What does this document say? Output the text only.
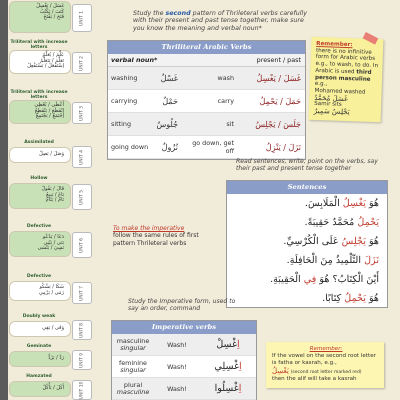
غَسَلَ / يَغْسِلُ
كَتَبَ / يَكْتُبُ
فَتَحَ / يَفْتَحُ	UNIT 1
Triliteral with increase letters
عَلَّمَ / يُعَلِّمُ
تَعَلَّمَ / يَتَعَلَّمُ
اِسْتَفْعَلَ / يَسْتَفْعِلُ	UNIT 2
Triliteral with increase letters
أَعْطَى / يُعْطِي
اِنْقَطَعَ / يَنْقَطِعُ
اِجْتَمَعَ / يَجْتَمِعُ	UNIT 3
Assimilated
وَصَلَ / يَصِلُ	UNIT 4
Hollow
قَالَ / يَقُولُ
بَاعَ / يَبِيعُ
نَامَ / يَنَامُ	UNIT 5
Defective
دَعَا / يَدْعُو
بَنَى / يَبْنِي
نَسِيَ / يَنْسَى	UNIT 6
Defective
شَكَا / يَشْكُو
رَمَى / يَرْمِي	UNIT 7
Doubly weak
وَقَى / يَقِي	UNIT 8
Geminate
رَدَّ / يَرُدُّ	UNIT 9
Hamzated
أَكَلَ / يَأْكُلُ	UNIT 10
Study the second pattern of Thrileteral verbs carefully with their present and past tense together, make sure you know the meaning and verbal noun*
Remember:
there is no infinitive form for Arabic verbs e.g., to wash, to do. In Arabic is used third person masculine e.g.,
Mohamed washed
غَسَلَ مُحَمَّدٌ
Samir sits
يَجْلِسُ سَمِيرٌ
Thriliteral Arabic Verbs
verbal noun*	present / past
washing	غَسْلٌ	wash	غَسَلَ / يَغْسِلُ
carrying	حَمْلٌ	carry	حَمَلَ / يَحْمِلُ
sitting	جُلُوسٌ	sit	جَلَسَ / يَجْلِسُ
going down	نُزُولٌ	go down, get off	نَزَلَ / يَنْزِلُ
Read sentences, write, point on the verbs, say their past and present tense together
Sentences
هُوَ يَغْسِلُ الْمَلَابِسَ.
يَحْمِلُ مُحَمَّدٌ حَقِيبَةً.
هُوَ يَجْلِسُ عَلَى الْكُرْسِيِّ.
نَزَلَ التِّلْمِيذُ مِنَ الْحَافِلَةِ.
أَيْنَ الْكِتَابُ؟ هُوَ فِي الْحَقِيبَةِ.
هُوَ يَحْمِلُ كِتَابًا.
To make the imperative
follow the same rules of first pattern Thrileteral verbs
Study the Imperative form, used to say an order, command
Imperative verbs
masculine
singular	Wash!	اِغْسِلْ
feminine
singular	Wash!	اِغْسِلِي
plural
masculine	Wash!	اِغْسِلُوا
Remember:
If the vowel on the second root letter is fatha or kasrah, e.g.,
يَغْسِلُ (second root letter marked red)
then the alif will take a kasrah
